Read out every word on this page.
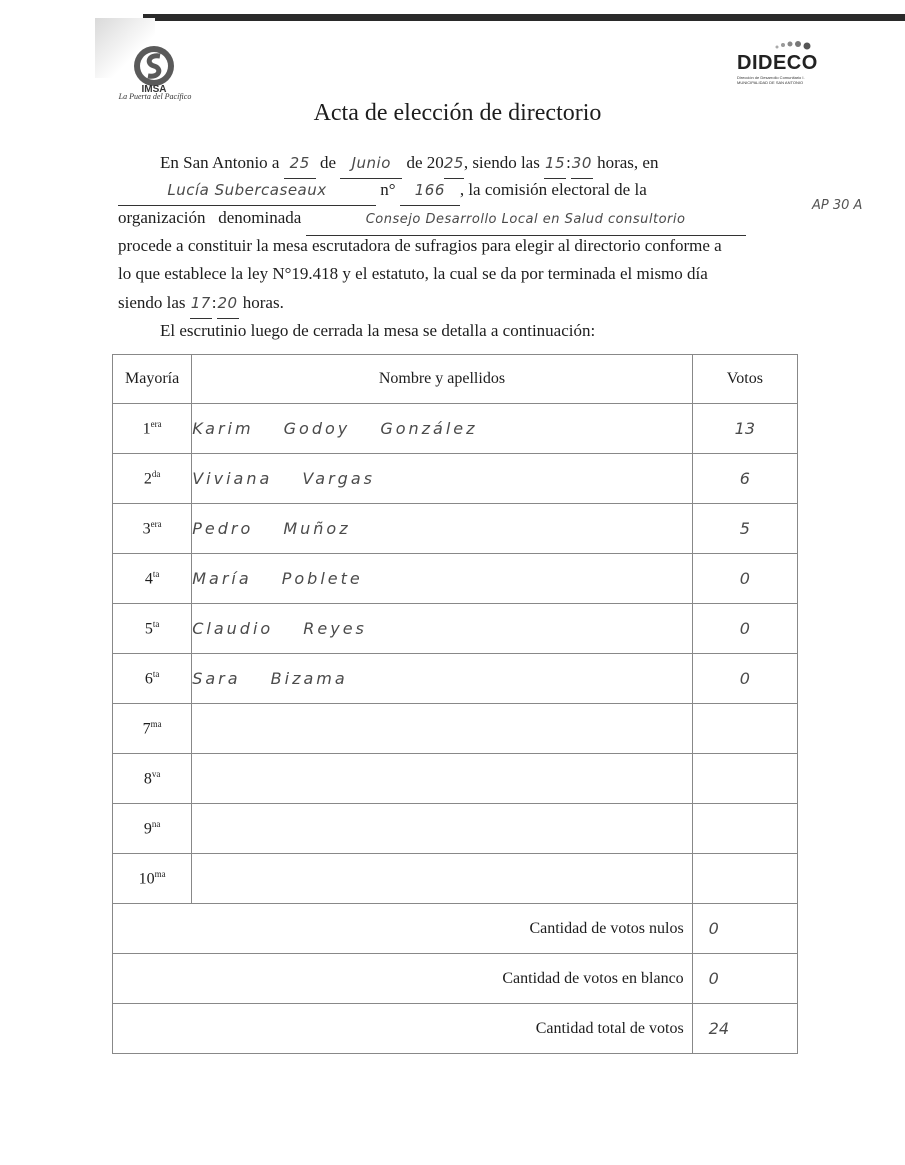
IMSA
La Puerta del Pacífico
DIDECO
Dirección de Desarrollo Comunitario I. MUNICIPALIDAD DE SAN ANTONIO
Acta de elección de directorio
En San Antonio a 25 de Junio de 2025, siendo las 15:30 horas, en
Lucía Subercaseaux	n° 166 , la comisión electoral de la
organización   denominada	Consejo Desarrollo Local en Salud consultorio
AP 30 A
procede a constituir la mesa escrutadora de sufragios para elegir al directorio conforme a
lo que establece la ley N°19.418 y el estatuto, la cual se da por terminada el mismo día
siendo las 17:20 horas.
El escrutinio luego de cerrada la mesa se detalla a continuación:
Mayoría	Nombre y apellidos	Votos
$1^{era}$	Karim Godoy González	13
$2^{da}$	Viviana Vargas	6
$3^{era}$	Pedro Muñoz	5
$4^{ta}$	María Poblete	0
$5^{ta}$	Claudio Reyes	0
$6^{ta}$	Sara Bizama	0
$7^{ma}$		
$8^{va}$		
$9^{na}$		
$10^{ma}$		
Cantidad de votos nulos		0
Cantidad de votos en blanco		0
Cantidad total de votos		24
